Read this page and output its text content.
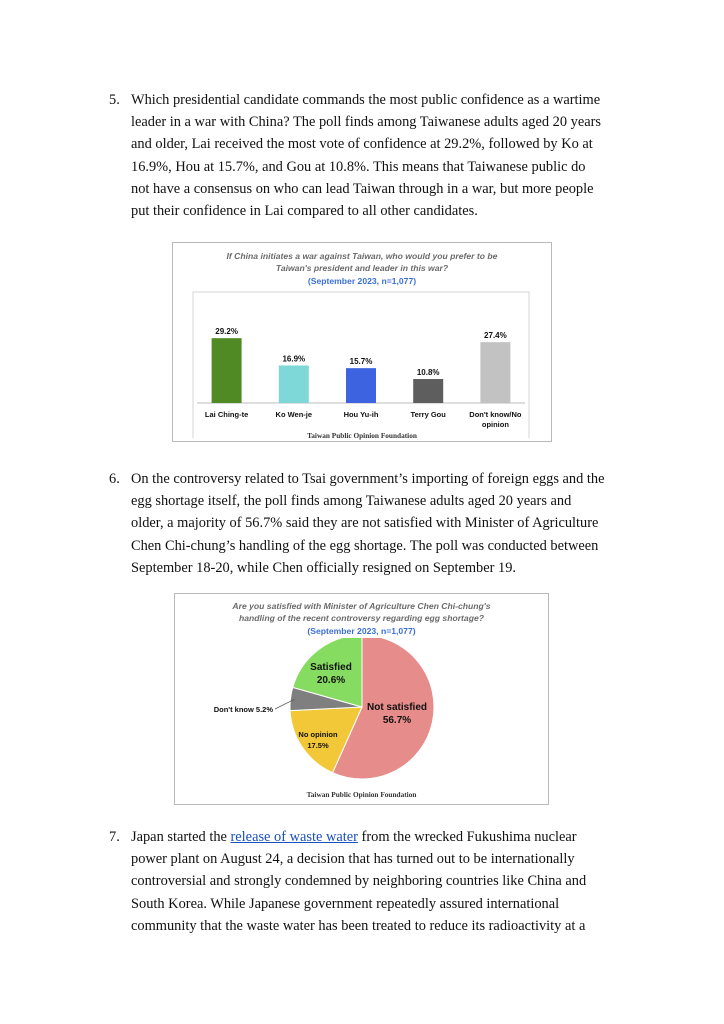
5. Which presidential candidate commands the most public confidence as a wartime
leader in a war with China? The poll finds among Taiwanese adults aged 20 years
and older, Lai received the most vote of confidence at 29.2%, followed by Ko at
16.9%, Hou at 15.7%, and Gou at 10.8%. This means that Taiwanese public do
not have a consensus on who can lead Taiwan through in a war, but more people
put their confidence in Lai compared to all other candidates.
If China initiates a war against Taiwan, who would you prefer to be
Taiwan's president and leader in this war?
(September 2023, n=1,077)
29.2%
Lai Ching-te
16.9%
Ko Wen-je
15.7%
Hou Yu-ih
10.8%
Terry Gou
27.4%
Don't know/No
opinion
Taiwan Public Opinion Foundation
6. On the controversy related to Tsai government’s importing of foreign eggs and the
egg shortage itself, the poll finds among Taiwanese adults aged 20 years and
older, a majority of 56.7% said they are not satisfied with Minister of Agriculture
Chen Chi-chung’s handling of the egg shortage. The poll was conducted between
September 18-20, while Chen officially resigned on September 19.
Are you satisfied with Minister of Agriculture Chen Chi-chung's
handling of the recent controversy regarding egg shortage?
(September 2023, n=1,077)
Not satisfied
56.7%
No opinion
17.5%
Don't know 5.2%
Satisfied
20.6%
Taiwan Public Opinion Foundation
7. Japan started the release of waste water from the wrecked Fukushima nuclear
power plant on August 24, a decision that has turned out to be internationally
controversial and strongly condemned by neighboring countries like China and
South Korea. While Japanese government repeatedly assured international
community that the waste water has been treated to reduce its radioactivity at a
